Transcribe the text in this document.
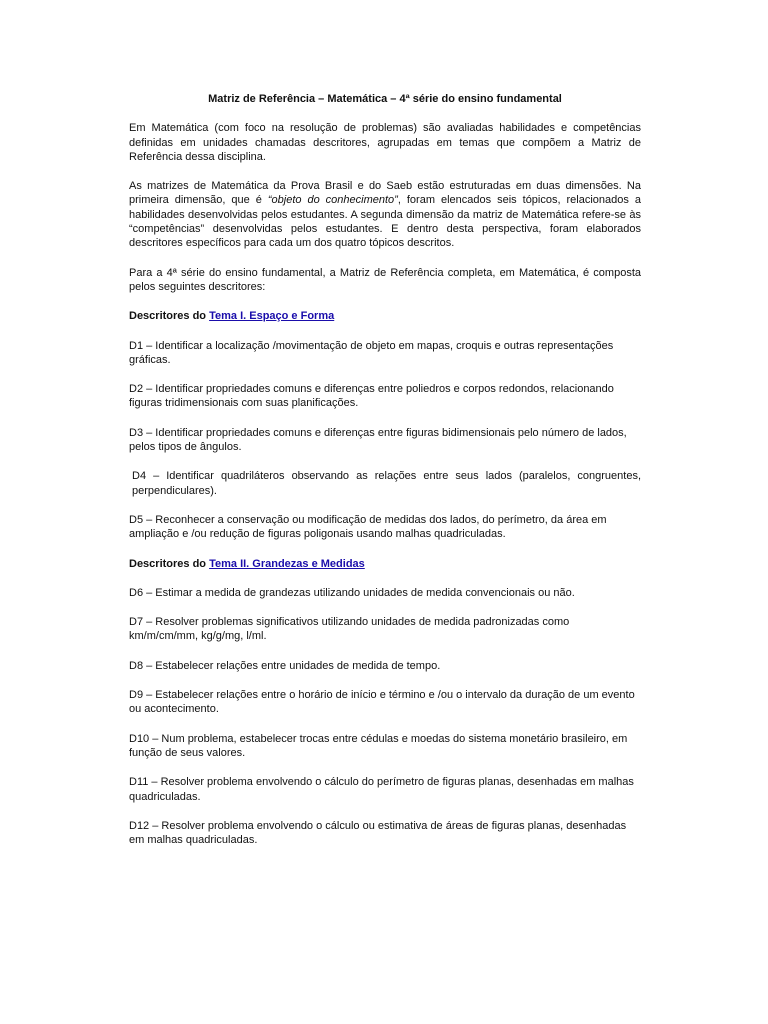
Matriz de Referência – Matemática – 4ª série do ensino fundamental

Em Matemática (com foco na resolução de problemas) são avaliadas habilidades e competências definidas em unidades chamadas descritores, agrupadas em temas que compõem a Matriz de Referência dessa disciplina.

As matrizes de Matemática da Prova Brasil e do Saeb estão estruturadas em duas dimensões. Na primeira dimensão, que é “objeto do conhecimento”, foram elencados seis tópicos, relacionados a habilidades desenvolvidas pelos estudantes. A segunda dimensão da matriz de Matemática refere-se às “competências” desenvolvidas pelos estudantes. E dentro desta perspectiva, foram elaborados descritores específicos para cada um dos quatro tópicos descritos.

Para a 4ª série do ensino fundamental, a Matriz de Referência completa, em Matemática, é composta pelos seguintes descritores:

Descritores do Tema I. Espaço e Forma

D1 – Identificar a localização /movimentação de objeto em mapas, croquis e outras representações gráficas.

D2 – Identificar propriedades comuns e diferenças entre poliedros e corpos redondos, relacionando figuras tridimensionais com suas planificações.

D3 – Identificar propriedades comuns e diferenças entre figuras bidimensionais pelo número de lados, pelos tipos de ângulos.

D4 – Identificar quadriláteros observando as relações entre seus lados (paralelos, congruentes, perpendiculares).

D5 – Reconhecer a conservação ou modificação de medidas dos lados, do perímetro, da área em ampliação e /ou redução de figuras poligonais usando malhas quadriculadas.

Descritores do Tema II. Grandezas e Medidas

D6 – Estimar a medida de grandezas utilizando unidades de medida convencionais ou não.

D7 – Resolver problemas significativos utilizando unidades de medida padronizadas como km/m/cm/mm, kg/g/mg, l/ml.

D8 – Estabelecer relações entre unidades de medida de tempo.

D9 – Estabelecer relações entre o horário de início e término e /ou o intervalo da duração de um evento ou acontecimento.

D10 – Num problema, estabelecer trocas entre cédulas e moedas do sistema monetário brasileiro, em função de seus valores.

D11 – Resolver problema envolvendo o cálculo do perímetro de figuras planas, desenhadas em malhas quadriculadas.

D12 – Resolver problema envolvendo o cálculo ou estimativa de áreas de figuras planas, desenhadas em malhas quadriculadas.
